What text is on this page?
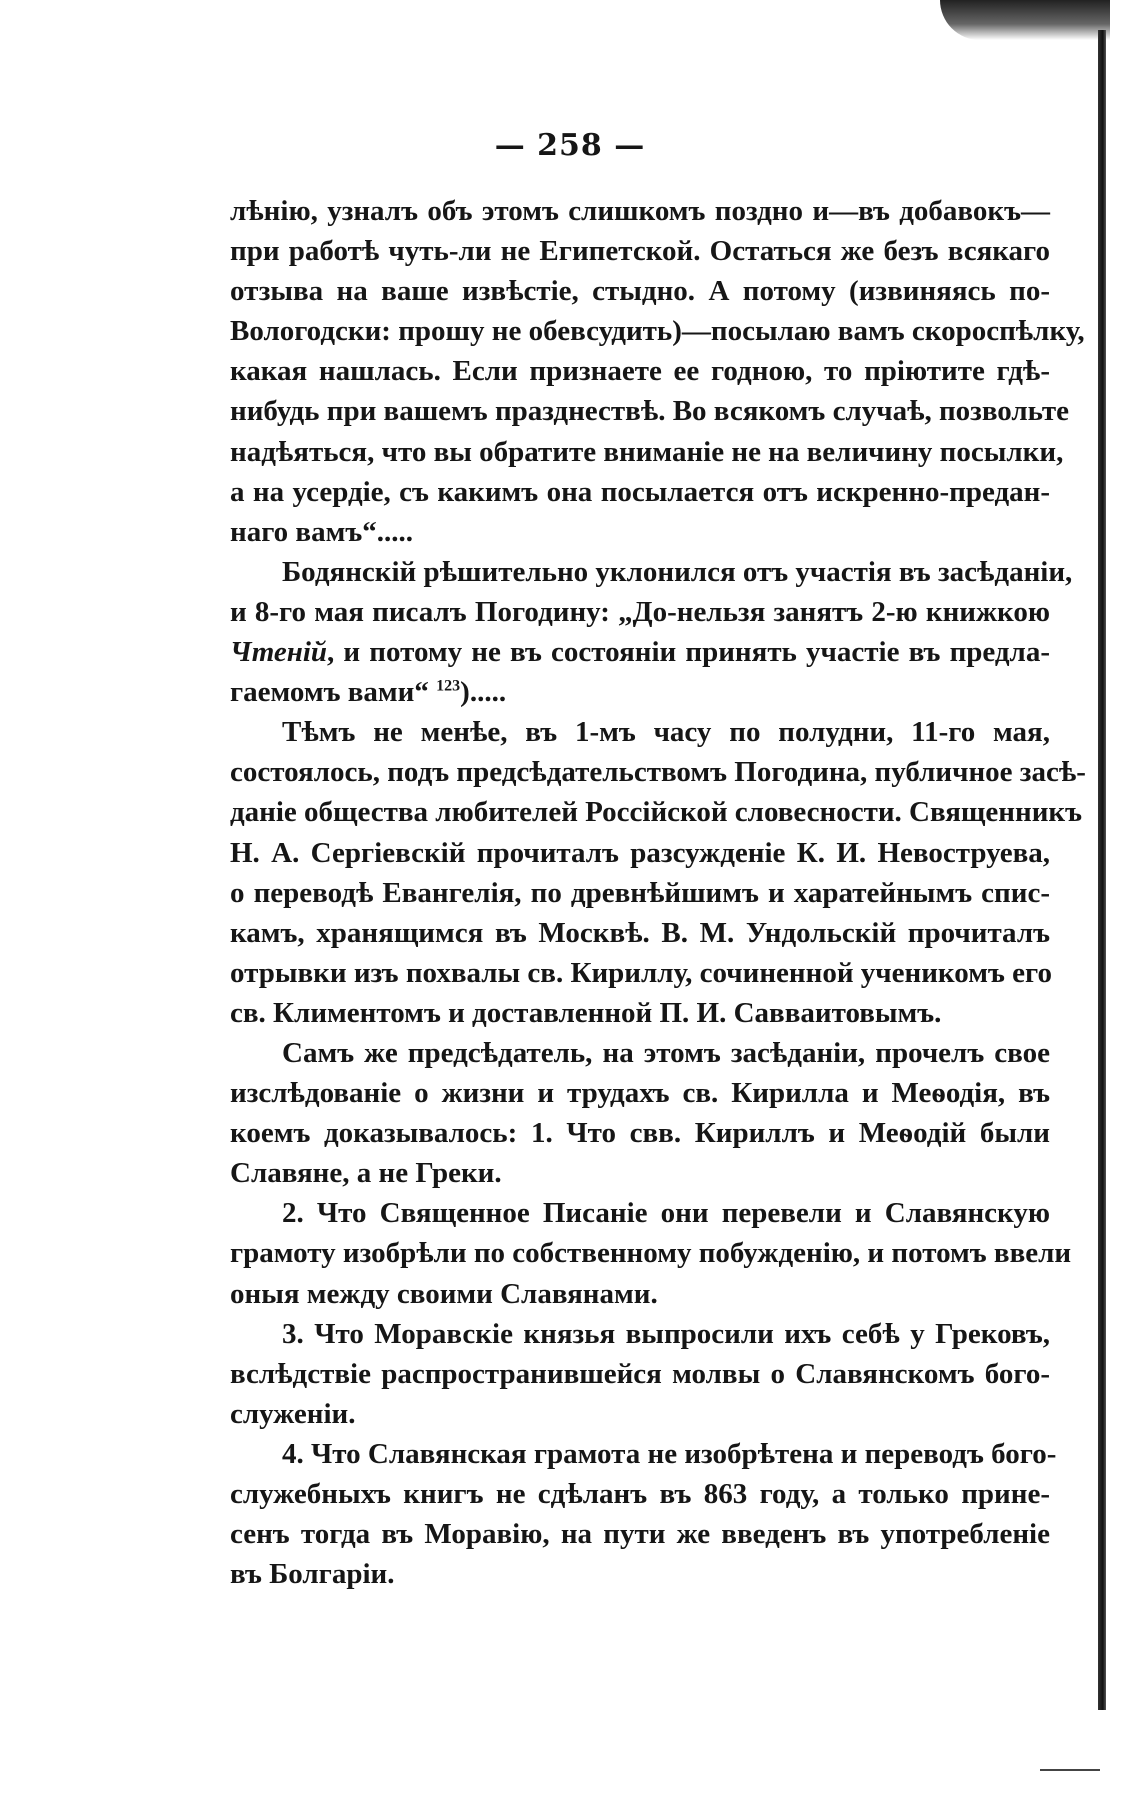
— 258 —
лѣнію, узналъ объ этомъ слишкомъ поздно и—въ добавокъ—
при работѣ чуть-ли не Египетской. Остаться же безъ всякаго
отзыва на ваше извѣстіе, стыдно. А потому (извиняясь по-
Вологодски: прошу не обевсудить)—посылаю вамъ скороспѣлку,
какая нашлась. Если признаете ее годною, то пріютите гдѣ-
нибудь при вашемъ празднествѣ. Во всякомъ случаѣ, позвольте
надѣяться, что вы обратите вниманіе не на величину посылки,
а на усердіе, съ какимъ она посылается отъ искренно-предан-
наго вамъ“.....
Бодянскій рѣшительно уклонился отъ участія въ засѣданіи,
и 8-го мая писалъ Погодину: „До-нельзя занятъ 2-ю книжкою
Чтеній, и потому не въ состояніи принять участіе въ предла-
гаемомъ вами“ $^{123}$).....
Тѣмъ не менѣе, въ 1-мъ часу по полудни, 11-го мая,
состоялось, подъ предсѣдательствомъ Погодина, публичное засѣ-
даніе общества любителей Россійской словесности. Священникъ
Н. А. Сергіевскій прочиталъ разсужденіе К. И. Невоструева,
о переводѣ Евангелія, по древнѣйшимъ и харатейнымъ спис-
камъ, хранящимся въ Москвѣ. В. М. Ундольскій прочиталъ
отрывки изъ похвалы св. Кириллу, сочиненной ученикомъ его
св. Климентомъ и доставленной П. И. Савваитовымъ.
Самъ же предсѣдатель, на этомъ засѣданіи, прочелъ свое
изслѣдованіе о жизни и трудахъ св. Кирилла и Меѳодія, въ
коемъ доказывалось: 1. Что свв. Кириллъ и Меѳодій были
Славяне, а не Греки.
2. Что Священное Писаніе они перевели и Славянскую
грамоту изобрѣли по собственному побужденію, и потомъ ввели
оныя между своими Славянами.
3. Что Моравскіе князья выпросили ихъ себѣ у Грековъ,
вслѣдствіе распространившейся молвы о Славянскомъ бого-
служеніи.
4. Что Славянская грамота не изобрѣтена и переводъ бого-
служебныхъ книгъ не сдѣланъ въ 863 году, а только прине-
сенъ тогда въ Моравію, на пути же введенъ въ употребленіе
въ Болгаріи.
